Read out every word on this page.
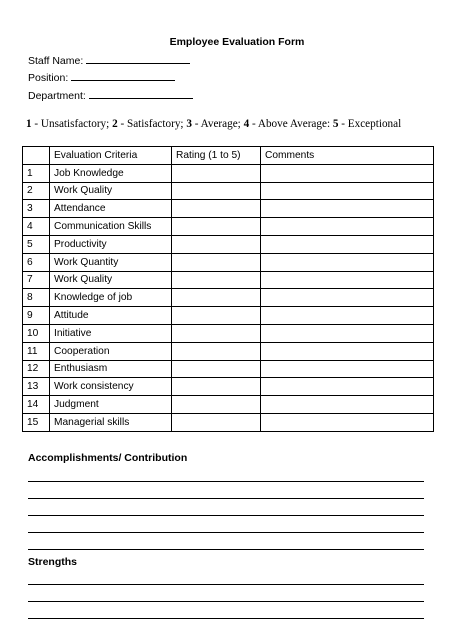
Employee Evaluation Form
Staff Name:
Position:
Department:
1 - Unsatisfactory; 2 - Satisfactory; 3 - Average; 4 - Above Average: 5 - Exceptional
	Evaluation Criteria	Rating (1 to 5)	Comments
1	Job Knowledge		
2	Work Quality		
3	Attendance		
4	Communication Skills		
5	Productivity		
6	Work Quantity		
7	Work Quality		
8	Knowledge of job		
9	Attitude		
10	Initiative		
11	Cooperation		
12	Enthusiasm		
13	Work consistency		
14	Judgment		
15	Managerial skills		
Accomplishments/ Contribution
Strengths
